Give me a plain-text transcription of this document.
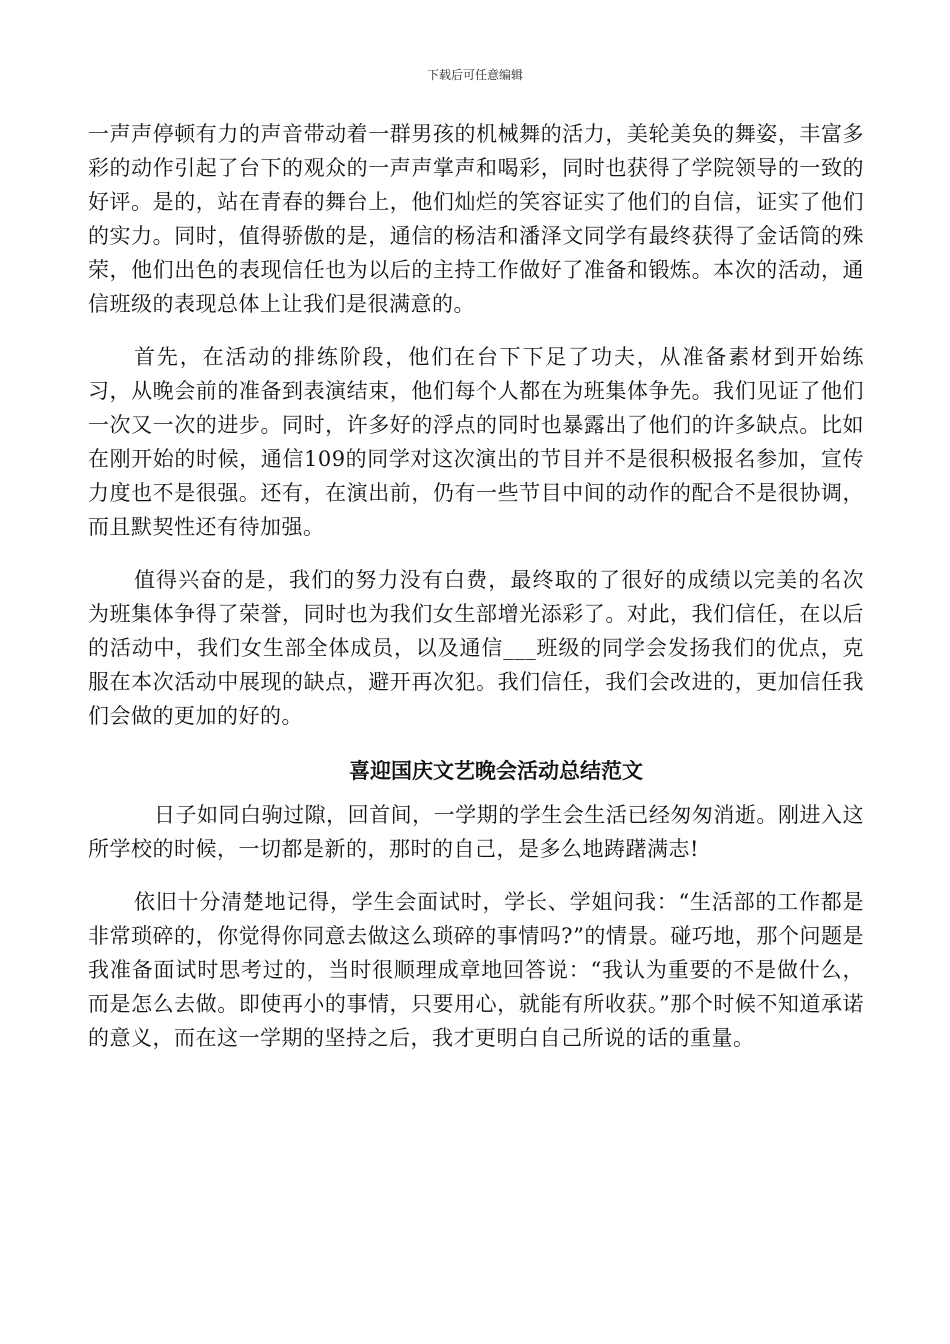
下载后可任意编辑

一声声停顿有力的声音带动着一群男孩的机械舞的活力，美轮美奂的舞姿，丰富多彩的动作引起了台下的观众的一声声掌声和喝彩，同时也获得了学院领导的一致的好评。是的，站在青春的舞台上，他们灿烂的笑容证实了他们的自信，证实了他们的实力。同时，值得骄傲的是，通信的杨洁和潘泽文同学有最终获得了金话筒的殊荣，他们出色的表现信任也为以后的主持工作做好了准备和锻炼。本次的活动，通信班级的表现总体上让我们是很满意的。

首先，在活动的排练阶段，他们在台下下足了功夫，从准备素材到开始练习，从晚会前的准备到表演结束，他们每个人都在为班集体争先。我们见证了他们一次又一次的进步。同时，许多好的浮点的同时也暴露出了他们的许多缺点。比如在刚开始的时候，通信109的同学对这次演出的节目并不是很积极报名参加，宣传力度也不是很强。还有，在演出前，仍有一些节目中间的动作的配合不是很协调，而且默契性还有待加强。

值得兴奋的是，我们的努力没有白费，最终取的了很好的成绩以完美的名次为班集体争得了荣誉，同时也为我们女生部增光添彩了。对此，我们信任，在以后的活动中，我们女生部全体成员，以及通信___班级的同学会发扬我们的优点，克服在本次活动中展现的缺点，避开再次犯。我们信任，我们会改进的，更加信任我们会做的更加的好的。

喜迎国庆文艺晚会活动总结范文

日子如同白驹过隙，回首间，一学期的学生会生活已经匆匆消逝。刚进入这所学校的时候，一切都是新的，那时的自己，是多么地踌躇满志!

依旧十分清楚地记得，学生会面试时，学长、学姐问我：“生活部的工作都是非常琐碎的，你觉得你同意去做这么琐碎的事情吗?”的情景。碰巧地，那个问题是我准备面试时思考过的，当时很顺理成章地回答说：“我认为重要的不是做什么，而是怎么去做。即使再小的事情，只要用心，就能有所收获。”那个时候不知道承诺的意义，而在这一学期的坚持之后，我才更明白自己所说的话的重量。
